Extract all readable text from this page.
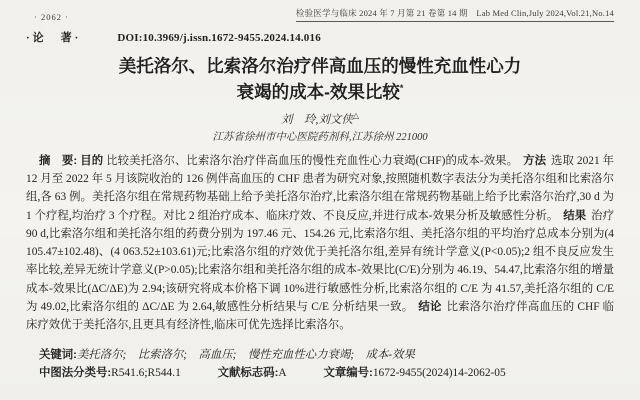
· 2062 ·	检验医学与临床 2024 年 7 月第 21 卷第 14 期　Lab Med Clin,July 2024,Vol.21,No.14
·论　著·	DOI:10.3969/j.issn.1672-9455.2024.14.016
美托洛尔、比索洛尔治疗伴高血压的慢性充血性心力
衰竭的成本-效果比较*
刘　玲,刘文侠△
江苏省徐州市中心医院药剂科,江苏徐州 221000

摘　要: 目的 比较美托洛尔、比索洛尔治疗伴高血压的慢性充血性心力衰竭(CHF)的成本-效果。 方法 选取 2021 年 12 月至 2022 年 5 月该院收治的 126 例伴高血压的 CHF 患者为研究对象,按照随机数字表法分为美托洛尔组和比索洛尔组,各 63 例。美托洛尔组在常规药物基础上给予美托洛尔治疗,比索洛尔组在常规药物基础上给予比索洛尔治疗,30 d 为 1 个疗程,均治疗 3 个疗程。对比 2 组治疗成本、临床疗效、不良反应,并进行成本-效果分析及敏感性分析。 结果 治疗 90 d,比索洛尔组和美托洛尔组的药费分别为 197.46 元、154.26 元,比索洛尔组、美托洛尔组的平均治疗总成本分别为(4 105.47±102.48)、(4 063.52±103.61)元;比索洛尔组的疗效优于美托洛尔组,差异有统计学意义(P<0.05);2 组不良反应发生率比较,差异无统计学意义(P>0.05);比索洛尔组和美托洛尔组的成本-效果比(C/E)分别为 46.19、54.47,比索洛尔组的增量成本-效果比(ΔC/ΔE)为 2.94;该研究将成本价格下调 10%进行敏感性分析,比索洛尔组的 C/E 为 41.57,美托洛尔组的 C/E 为 49.02,比索洛尔组的 ΔC/ΔE 为 2.64,敏感性分析结果与 C/E 分析结果一致。 结论 比索洛尔治疗伴高血压的 CHF 临床疗效优于美托洛尔,且更具有经济性,临床可优先选择比索洛尔。

关键词:美托洛尔;　比索洛尔;　高血压;　慢性充血性心力衰竭;　成本-效果
中图法分类号:R541.6;R544.1	文献标志码:A	文章编号:1672-9455(2024)14-2062-05
